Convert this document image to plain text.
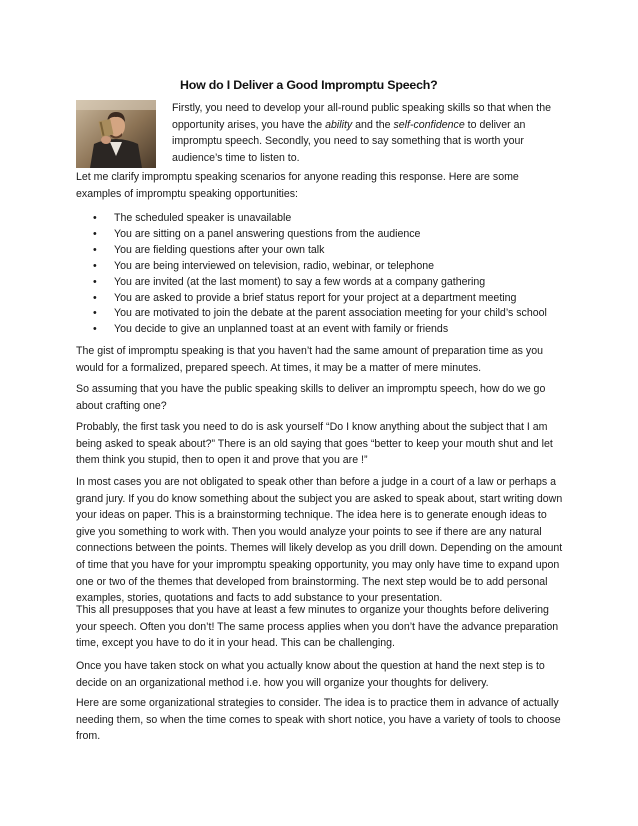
How do I Deliver a Good Impromptu Speech?

Firstly, you need to develop your all-round public speaking skills so that when the opportunity arises, you have the ability and the self-confidence to deliver an impromptu speech. Secondly, you need to say something that is worth your audience’s time to listen to.

Let me clarify impromptu speaking scenarios for anyone reading this response. Here are some examples of impromptu speaking opportunities:

• The scheduled speaker is unavailable
• You are sitting on a panel answering questions from the audience
• You are fielding questions after your own talk
• You are being interviewed on television, radio, webinar, or telephone
• You are invited (at the last moment) to say a few words at a company gathering
• You are asked to provide a brief status report for your project at a department meeting
• You are motivated to join the debate at the parent association meeting for your child’s school
• You decide to give an unplanned toast at an event with family or friends

The gist of impromptu speaking is that you haven’t had the same amount of preparation time as you would for a formalized, prepared speech. At times, it may be a matter of mere minutes.

So assuming that you have the public speaking skills to deliver an impromptu speech, how do we go about crafting one?

Probably, the first task you need to do is ask yourself “Do I know anything about the subject that I am being asked to speak about?” There is an old saying that goes “better to keep your mouth shut and let them think you stupid, then to open it and prove that you are !”

In most cases you are not obligated to speak other than before a judge in a court of a law or perhaps a grand jury. If you do know something about the subject you are asked to speak about, start writing down your ideas on paper. This is a brainstorming technique. The idea here is to generate enough ideas to give you something to work with. Then you would analyze your points to see if there are any natural connections between the points. Themes will likely develop as you drill down. Depending on the amount of time that you have for your impromptu speaking opportunity, you may only have time to expand upon one or two of the themes that developed from brainstorming. The next step would be to add personal examples, stories, quotations and facts to add substance to your presentation.

This all presupposes that you have at least a few minutes to organize your thoughts before delivering your speech. Often you don’t! The same process applies when you don’t have the advance preparation time, except you have to do it in your head. This can be challenging.

Once you have taken stock on what you actually know about the question at hand the next step is to decide on an organizational method i.e. how you will organize your thoughts for delivery.

Here are some organizational strategies to consider. The idea is to practice them in advance of actually needing them, so when the time comes to speak with short notice, you have a variety of tools to choose from.
